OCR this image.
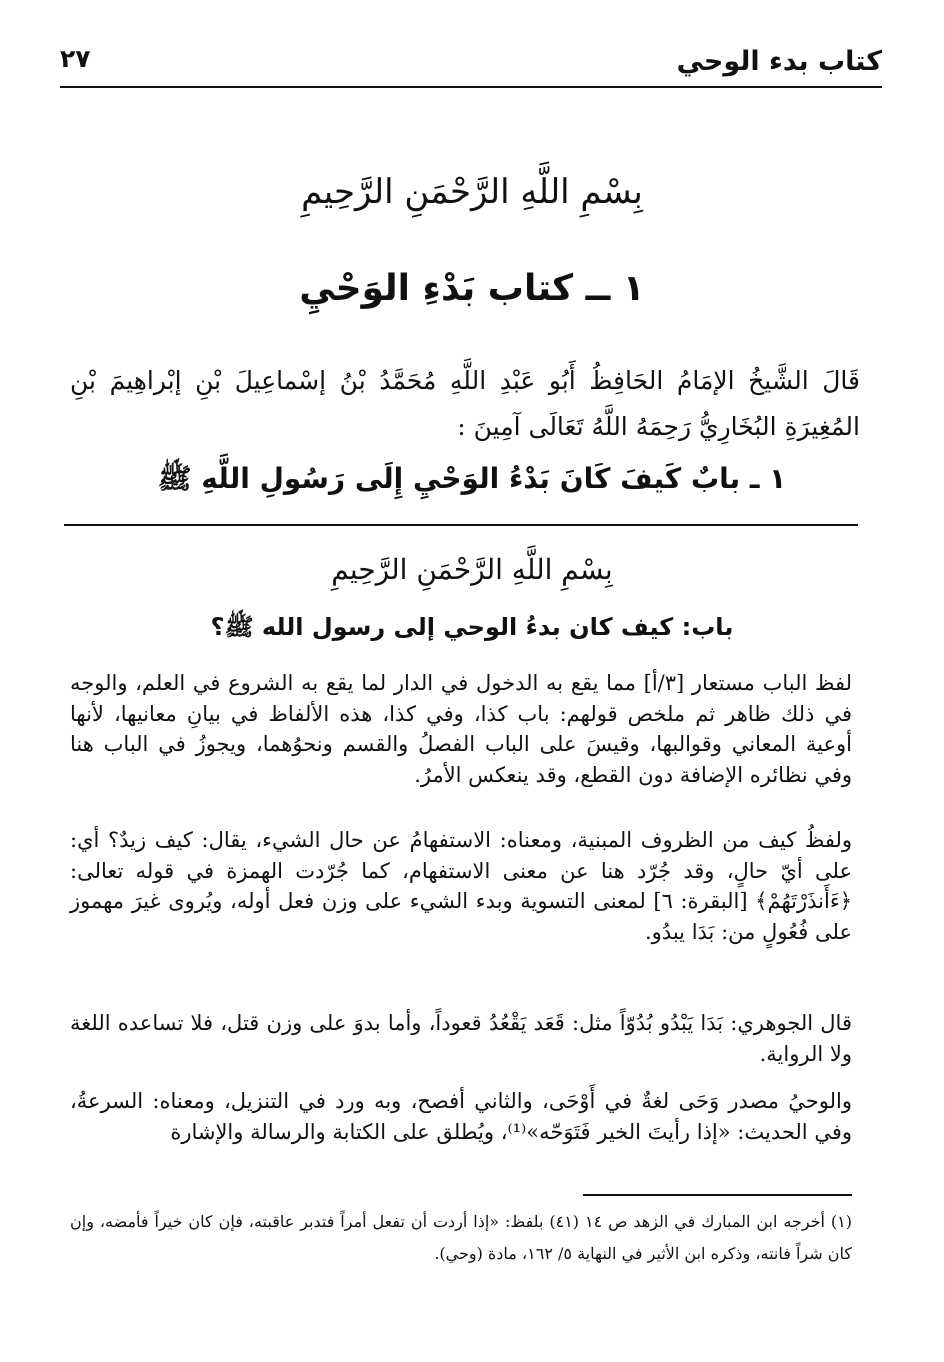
كتاب بدء الوحي
٢٧
بِسْمِ اللَّهِ الرَّحْمَنِ الرَّحِيمِ
١ ــ كتاب بَدْءِ الوَحْيِ
قَالَ الشَّيخُ الإمَامُ الحَافِظُ أَبُو عَبْدِ اللَّهِ مُحَمَّدُ بْنُ إسْماعِيلَ بْنِ إبْراهِيمَ بْنِ المُغِيرَةِ البُخَارِيُّ رَحِمَهُ اللَّهُ تَعَالَى آمِينَ :
١ ـ بابٌ كَيفَ كَانَ بَدْءُ الوَحْيِ إِلَى رَسُولِ اللَّهِ ﷺ
بِسْمِ اللَّهِ الرَّحْمَنِ الرَّحِيمِ
باب: كيف كان بدءُ الوحي إلى رسول الله ﷺ؟
لفظ الباب مستعار [٣/أ] مما يقع به الدخول في الدار لما يقع به الشروع في العلم، والوجه في ذلك ظاهر ثم ملخص قولهم: باب كذا، وفي كذا، هذه الألفاظ في بيانِ معانيها، لأنها أوعية المعاني وقوالبها، وقيسَ على الباب الفصلُ والقسم ونحوُهما، ويجوزُ في الباب هنا وفي نظائره الإضافة دون القطع، وقد ينعكس الأمرُ.
ولفظُ كيف من الظروف المبنية، ومعناه: الاستفهامُ عن حال الشيء، يقال: كيف زيدٌ؟ أي: على أيّ حالٍ، وقد جُرّد هنا عن معنى الاستفهام، كما جُرّدت الهمزة في قوله تعالى: ﴿ءَأَنذَرْتَهُمْ﴾ [البقرة: ٦] لمعنى التسوية وبدء الشيء على وزن فعل أوله، ويُروى غيرَ مهموز على فُعُولٍ من: بَدَا يبدُو.
قال الجوهري: بَدَا يَبْدُو بُدُوّاً مثل: قَعَد يَقْعُدُ قعوداً، وأما بدوَ على وزن قتل، فلا تساعده اللغة ولا الرواية.
والوحيُ مصدر وَحَى لغةٌ في أَوْحَى، والثاني أفصح، وبه ورد في التنزيل، ومعناه: السرعةُ، وفي الحديث: «إذا رأيتَ الخير فَتَوَحّه»⁽¹⁾، ويُطلق على الكتابة والرسالة والإشارة
(١) أخرجه ابن المبارك في الزهد ص ١٤ (٤١) بلفظ: «إذا أردت أن تفعل أمراً فتدبر عاقبته، فإن كان خيراً فأمضه، وإن كان شراً فانته، وذكره ابن الأثير في النهاية ٥/ ١٦٢، مادة (وحي).
